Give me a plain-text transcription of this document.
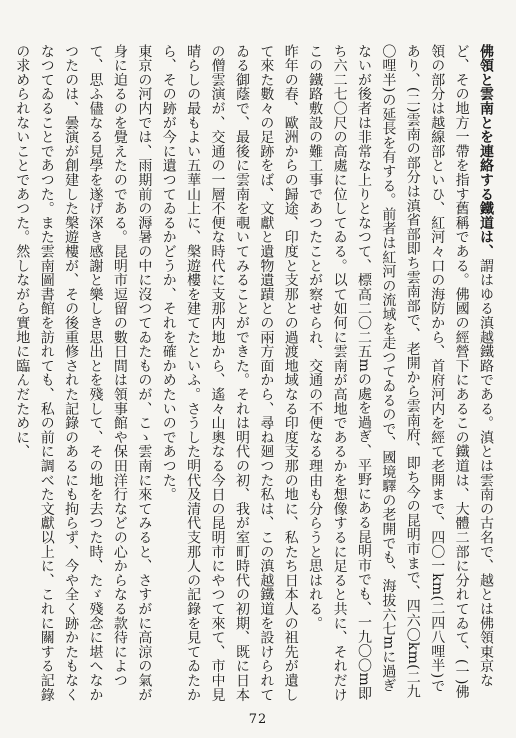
佛領と雲南とを連絡する鐵道は、謂はゆる滇越鐵路である。滇とは雲南の古名で、越とは佛領東京など、その地方一帶を指す舊稱である。佛國の經營下にあるこの鐵道は、大體二部に分れてゐて、(一)佛領の部分は越線部といひ、紅河々口の海防から、首府河内を經て老開まで、四〇一km(二四八哩半)であり、(二)雲南の部分は滇省部即ち雲南部で、老開から雲南府、即ち今の昆明市まで、四六〇km(二九〇哩半)の延長を有する。前者は紅河の流域を走つてゐるので、國境驛の老開でも、海拔六七mに過ぎないが後者は非常な上りとなつて、標高二〇二五mの處を過ぎ、平野にある昆明市でも、一九〇〇m即ち六二七〇尺の高處に位してゐる。以て如何に雲南が高地であるかを想像するに足ると共に、それだけこの鐵路敷設の難工事であつたことが察せられ、交通の不便なる理由も分らうと思はれる。

昨年の春、歐洲からの歸途、印度と支那との過渡地域なる印度支那の地に、私たち日本人の祖先が遺して來た數々の足跡をば、文獻と遺物遺蹟との兩方面から、尋ね廻つた私は、この滇越鐵道を設けられてゐる御蔭で、最後に雲南を覗いてみることができた。それは明代の初、我が室町時代の初期、既に日本の僧雲演が、交通の一層不便な時代に支那内地から、遙々山奧なる今日の昆明市にやつて來て、市中見晴らしの最もよい五華山上に、槃遊樓を建てたといふ。さうした明代及清代支那人の記錄を見てゐたから、その跡が今に遺つてゐるかどうか、それを確かめたいのであつた。

東京の河内では、雨期前の溽暑の中に沒つてゐたものが、こゝ雲南に來てみると、さすがに高涼の氣が身に迫るのを覺えたのである。昆明市逗留の數日間は領事館や保田洋行などの心からなる款待によつて、思ふ儘なる見學を遂げ深き感謝と樂しき思出とを殘して、その地を去つた時、たゞ殘念に堪へなかつたのは、曇演が創建した槃遊樓が、その後重修された記錄のあるにも拘らず、今や全く跡かたもなくなつてゐることであつた。また雲南圖書館を訪れても、私の前に調べた文獻以上に、これに關する記錄の求められないことであつた。然しながら實地に臨んだために、

72
